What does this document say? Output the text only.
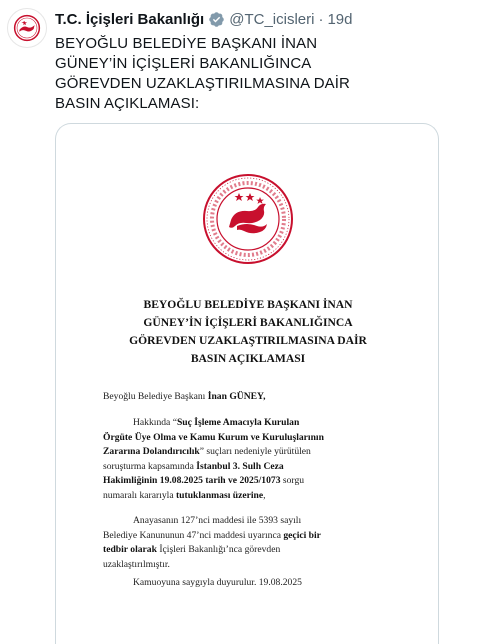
T.C. İçişleri Bakanlığı @TC_icisleri · 19d
BEYOĞLU BELEDİYE BAŞKANI İNAN
GÜNEY’İN İÇİŞLERİ BAKANLIĞINCA
GÖREVDEN UZAKLAŞTIRILMASINA DAİR
BASIN AÇIKLAMASI:
BEYOĞLU BELEDİYE BAŞKANI İNAN
GÜNEY’İN İÇİŞLERİ BAKANLIĞINCA
GÖREVDEN UZAKLAŞTIRILMASINA DAİR
BASIN AÇIKLAMASI
Beyoğlu Belediye Başkanı İnan GÜNEY,
Hakkında “Suç İşleme Amacıyla Kurulan
Örgüte Üye Olma ve Kamu Kurum ve Kuruluşlarının
Zararına Dolandırıcılık” suçları nedeniyle yürütülen
soruşturma kapsamında İstanbul 3. Sulh Ceza
Hakimliğinin 19.08.2025 tarih ve 2025/1073 sorgu
numaralı kararıyla tutuklanması üzerine,
Anayasanın 127’nci maddesi ile 5393 sayılı
Belediye Kanununun 47’nci maddesi uyarınca geçici bir
tedbir olarak İçişleri Bakanlığı’nca görevden
uzaklaştırılmıştır.
Kamuoyuna saygıyla duyurulur. 19.08.2025
